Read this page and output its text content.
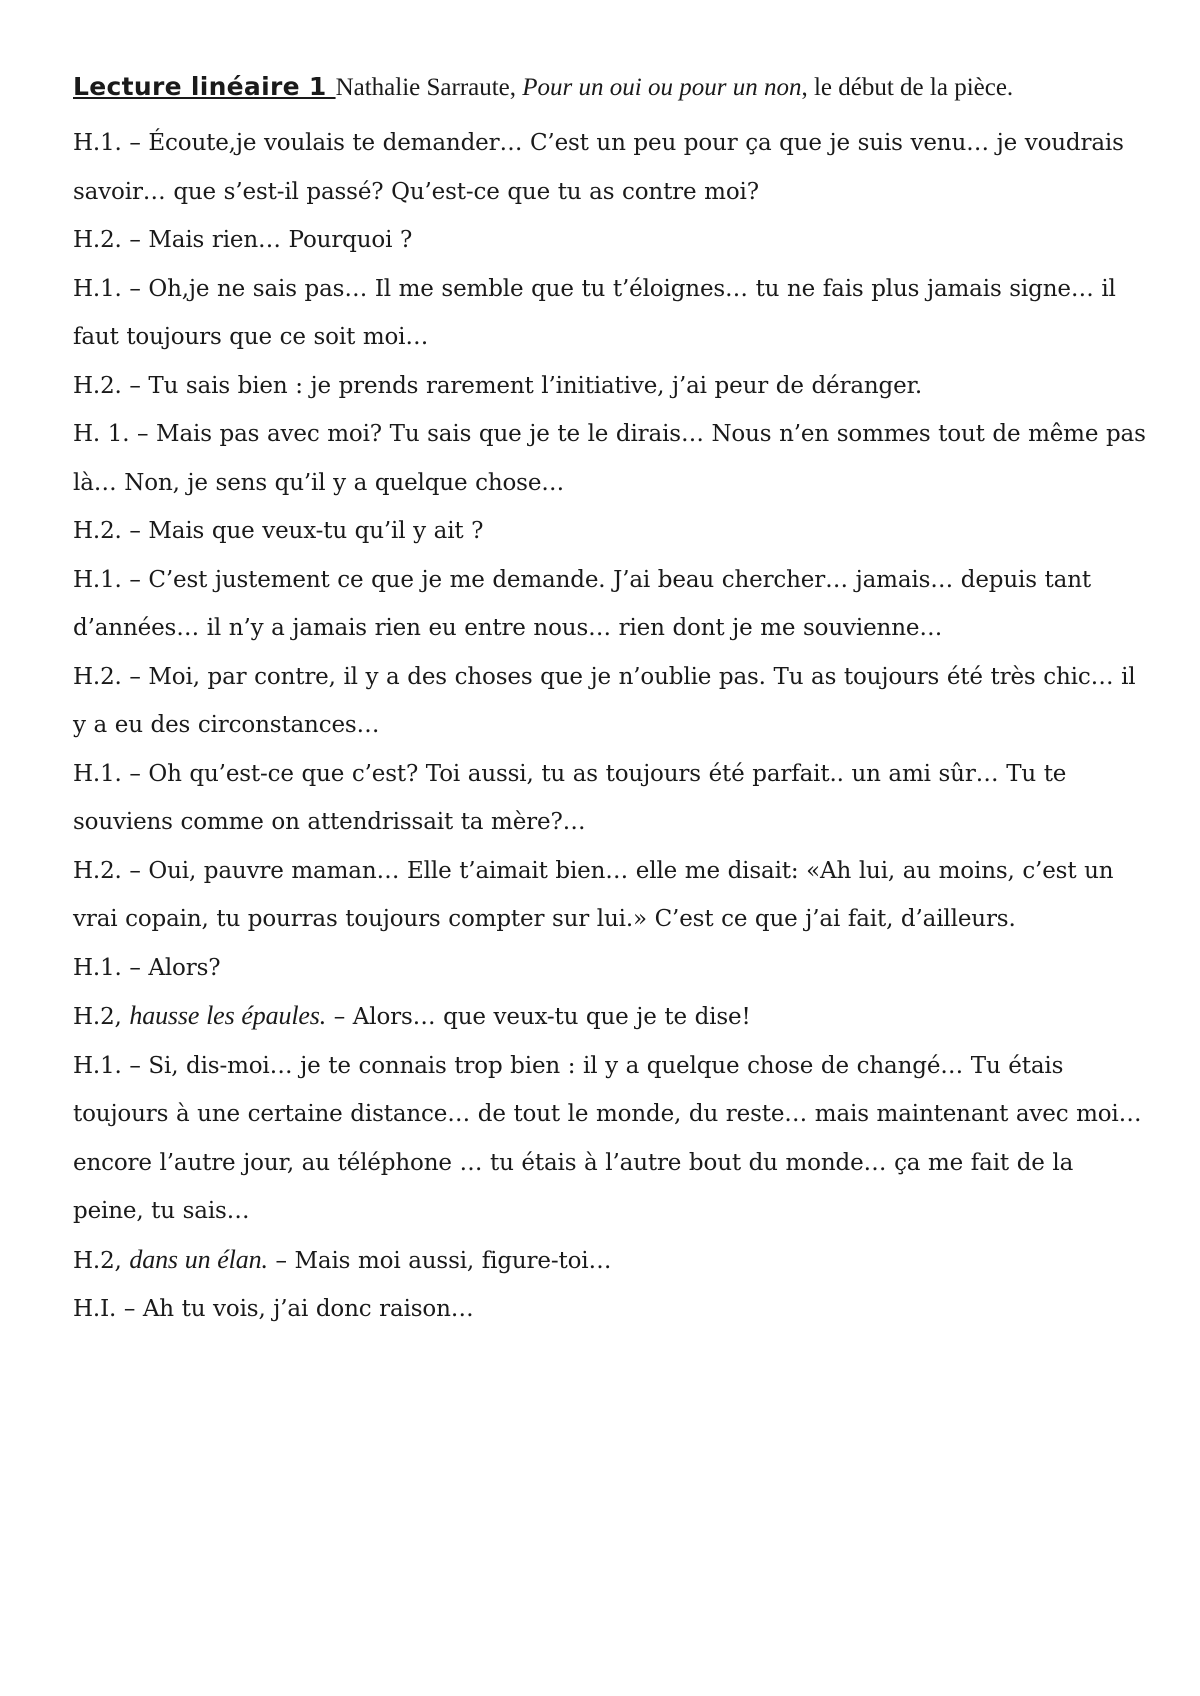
Lecture linéaire 1 Nathalie Sarraute, Pour un oui ou pour un non, le début de la pièce.

H.1. – Écoute,je voulais te demander… C’est un peu pour ça que je suis venu… je voudrais savoir… que s’est-il passé? Qu’est-ce que tu as contre moi?

H.2. – Mais rien… Pourquoi ?

H.1. – Oh,je ne sais pas… Il me semble que tu t’éloignes… tu ne fais plus jamais signe… il faut toujours que ce soit moi…

H.2. – Tu sais bien : je prends rarement l’initiative, j’ai peur de déranger.

H. 1. – Mais pas avec moi? Tu sais que je te le dirais… Nous n’en sommes tout de même pas là… Non, je sens qu’il y a quelque chose…

H.2. – Mais que veux-tu qu’il y ait ?

H.1. – C’est justement ce que je me demande. J’ai beau chercher… jamais… depuis tant d’années… il n’y a jamais rien eu entre nous… rien dont je me souvienne…

H.2. – Moi, par contre, il y a des choses que je n’oublie pas. Tu as toujours été très chic… il y a eu des circonstances…

H.1. – Oh qu’est-ce que c’est? Toi aussi, tu as toujours été parfait.. un ami sûr… Tu te souviens comme on attendrissait ta mère?…

H.2. – Oui, pauvre maman… Elle t’aimait bien… elle me disait: «Ah lui, au moins, c’est un vrai copain, tu pourras toujours compter sur lui.» C’est ce que j’ai fait, d’ailleurs.

H.1. – Alors?

H.2, hausse les épaules. – Alors… que veux-tu que je te dise!

H.1. – Si, dis-moi… je te connais trop bien : il y a quelque chose de changé… Tu étais toujours à une certaine distance… de tout le monde, du reste… mais maintenant avec moi… encore l’autre jour, au téléphone … tu étais à l’autre bout du monde… ça me fait de la peine, tu sais…

H.2, dans un élan. – Mais moi aussi, figure-toi…

H.I. – Ah tu vois, j’ai donc raison…
